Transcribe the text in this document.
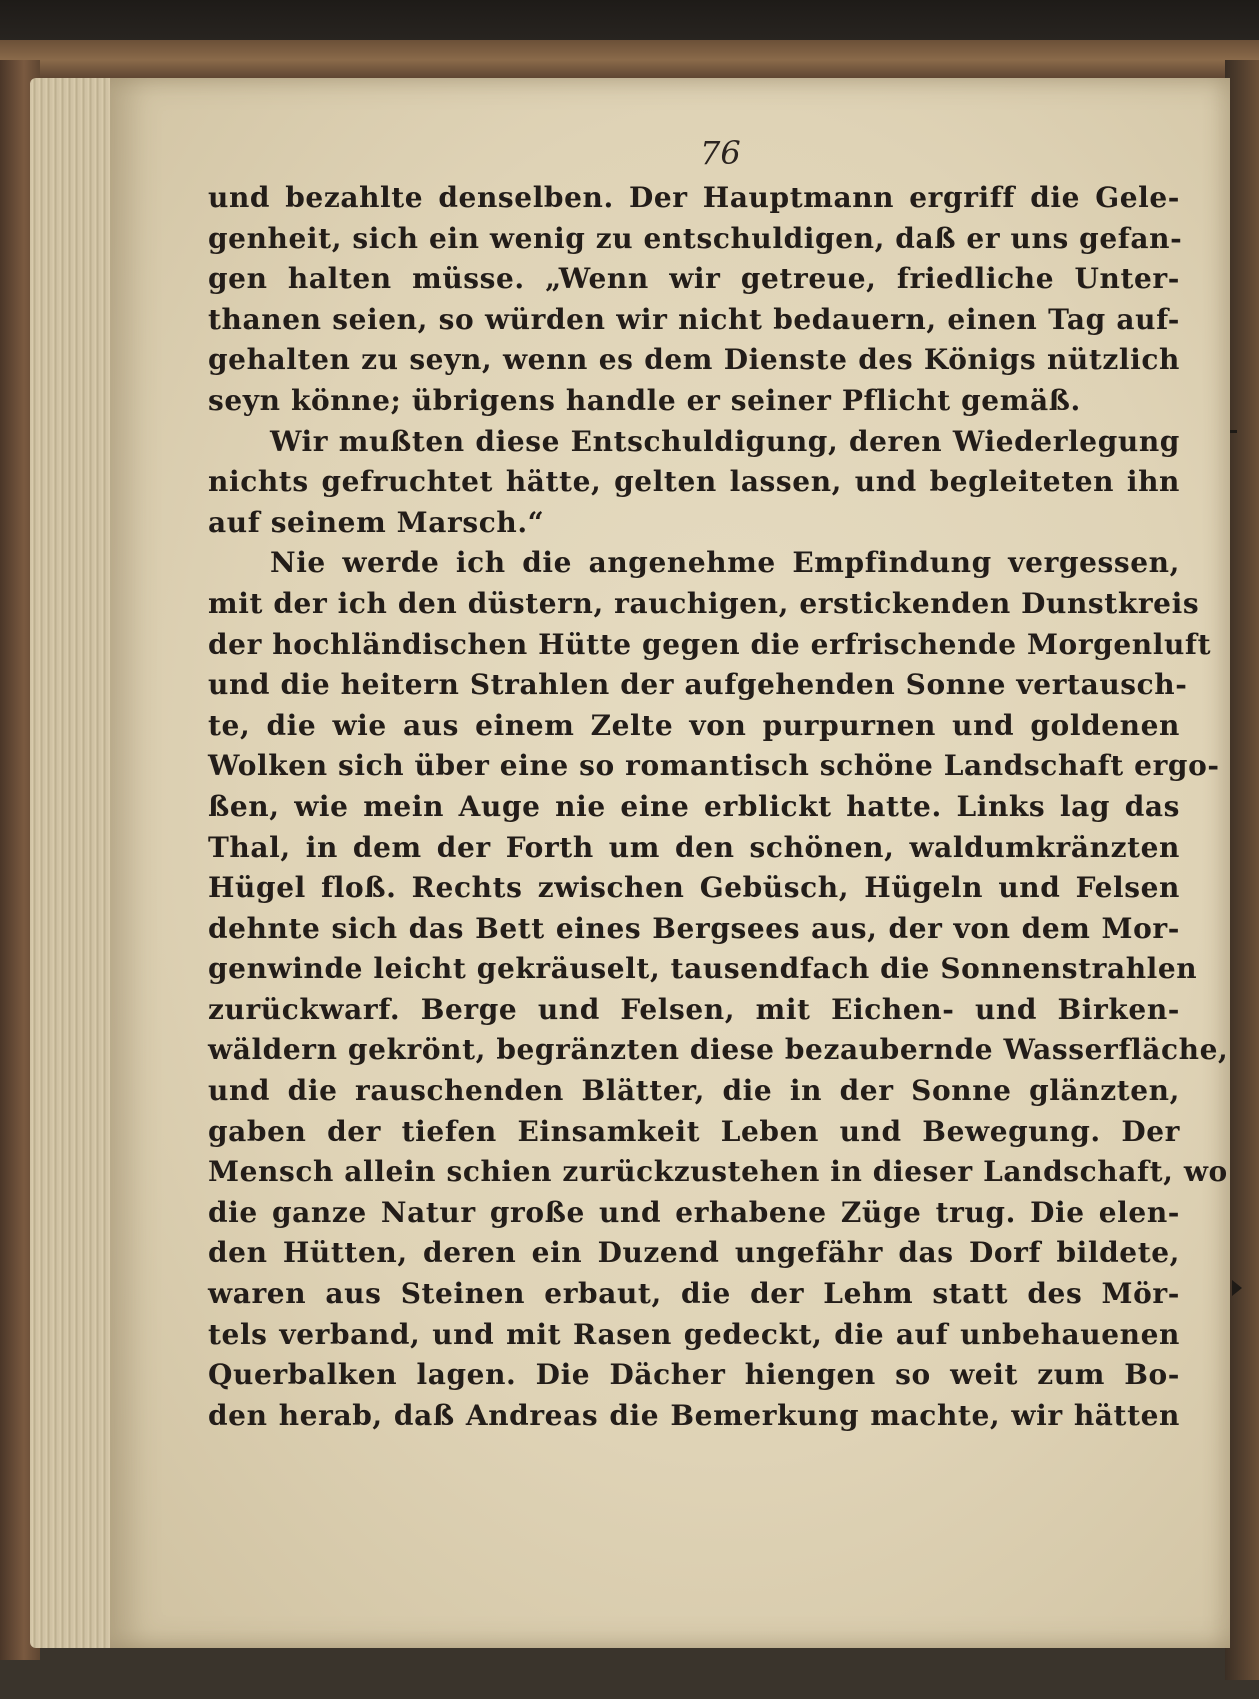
76
und bezahlte denselben. Der Hauptmann ergriff die Gele-
genheit, sich ein wenig zu entschuldigen, daß er uns gefan-
gen halten müsse. „Wenn wir getreue, friedliche Unter-
thanen seien, so würden wir nicht bedauern, einen Tag auf-
gehalten zu seyn, wenn es dem Dienste des Königs nützlich
seyn könne; übrigens handle er seiner Pflicht gemäß.
Wir mußten diese Entschuldigung, deren Wiederlegung
nichts gefruchtet hätte, gelten lassen, und begleiteten ihn
auf seinem Marsch.“
Nie werde ich die angenehme Empfindung vergessen,
mit der ich den düstern, rauchigen, erstickenden Dunstkreis
der hochländischen Hütte gegen die erfrischende Morgenluft
und die heitern Strahlen der aufgehenden Sonne vertausch-
te, die wie aus einem Zelte von purpurnen und goldenen
Wolken sich über eine so romantisch schöne Landschaft ergo-
ßen, wie mein Auge nie eine erblickt hatte. Links lag das
Thal, in dem der Forth um den schönen, waldumkränzten
Hügel floß. Rechts zwischen Gebüsch, Hügeln und Felsen
dehnte sich das Bett eines Bergsees aus, der von dem Mor-
genwinde leicht gekräuselt, tausendfach die Sonnenstrahlen
zurückwarf. Berge und Felsen, mit Eichen- und Birken-
wäldern gekrönt, begränzten diese bezaubernde Wasserfläche,
und die rauschenden Blätter, die in der Sonne glänzten,
gaben der tiefen Einsamkeit Leben und Bewegung. Der
Mensch allein schien zurückzustehen in dieser Landschaft, wo
die ganze Natur große und erhabene Züge trug. Die elen-
den Hütten, deren ein Duzend ungefähr das Dorf bildete,
waren aus Steinen erbaut, die der Lehm statt des Mör-
tels verband, und mit Rasen gedeckt, die auf unbehauenen
Querbalken lagen. Die Dächer hiengen so weit zum Bo-
den herab, daß Andreas die Bemerkung machte, wir hätten
